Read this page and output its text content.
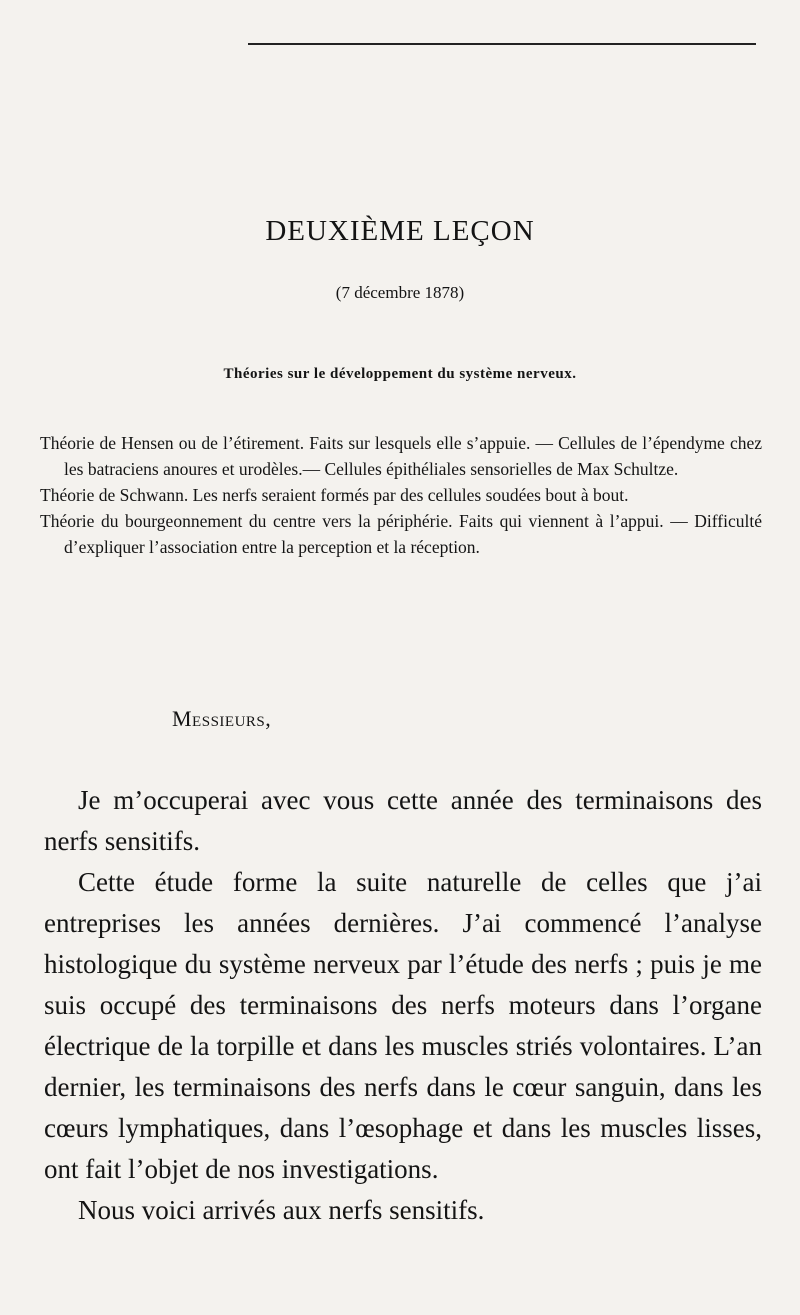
DEUXIÈME LEÇON
(7 décembre 1878)
Théories sur le développement du système nerveux.

Théorie de Hensen ou de l’étirement. Faits sur lesquels elle s’appuie. — Cellules de l’épendyme chez les batraciens anoures et urodèles.— Cellules épithéliales sensorielles de Max Schultze.

Théorie de Schwann. Les nerfs seraient formés par des cellules soudées bout à bout.

Théorie du bourgeonnement du centre vers la périphérie. Faits qui viennent à l’appui. — Difficulté d’expliquer l’association entre la perception et la réception.

Messieurs,

Je m’occuperai avec vous cette année des terminaisons des nerfs sensitifs.

Cette étude forme la suite naturelle de celles que j’ai entreprises les années dernières. J’ai commencé l’analyse histologique du système nerveux par l’étude des nerfs ; puis je me suis occupé des terminaisons des nerfs moteurs dans l’organe électrique de la torpille et dans les muscles striés volontaires. L’an dernier, les terminaisons des nerfs dans le cœur sanguin, dans les cœurs lymphatiques, dans l’œsophage et dans les muscles lisses, ont fait l’objet de nos investigations.

Nous voici arrivés aux nerfs sensitifs.
